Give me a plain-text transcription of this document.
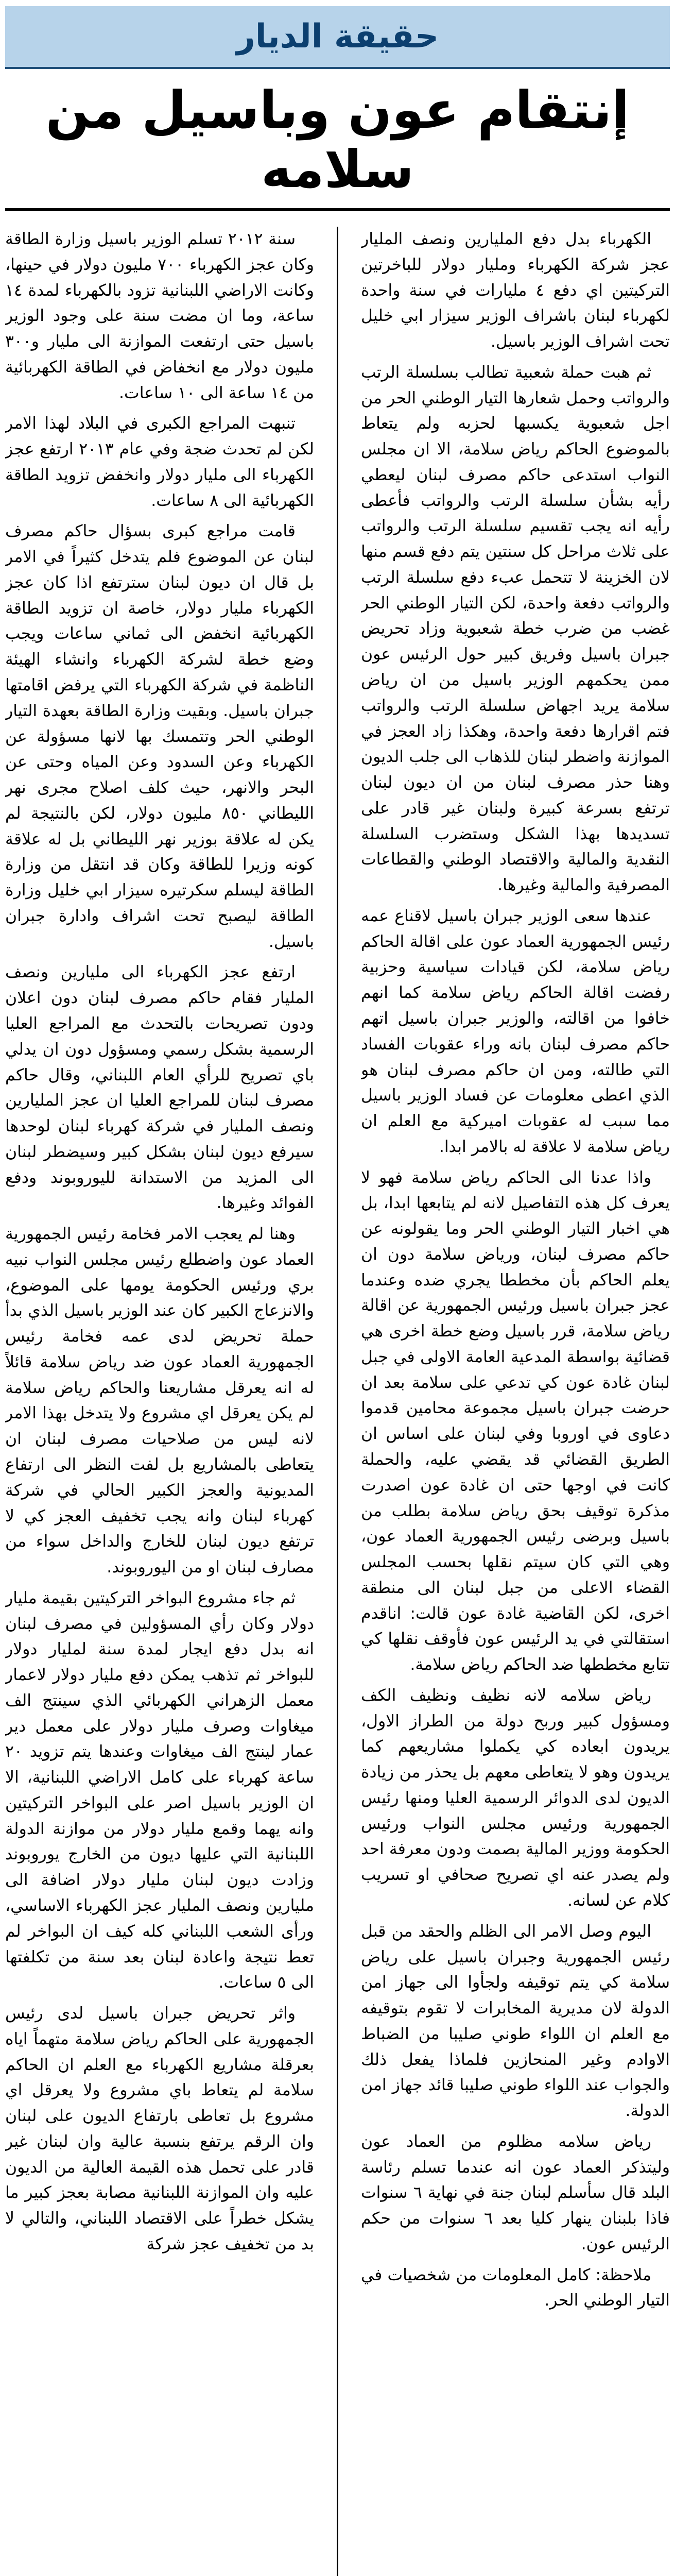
حقيقة الديار
إنتقام عون وباسيل من سلامه

سنة ٢٠١٢ تسلم الوزير باسيل وزارة الطاقة وكان عجز الكهرباء ٧٠٠ مليون دولار في حينها، وكانت الاراضي اللبنانية تزود بالكهرباء لمدة ١٤ ساعة، وما ان مضت سنة على وجود الوزير باسيل حتى ارتفعت الموازنة الى مليار و٣٠٠ مليون دولار مع انخفاض في الطاقة الكهربائية من ١٤ ساعة الى ١٠ ساعات.

تنبهت المراجع الكبرى في البلاد لهذا الامر لكن لم تحدث ضجة وفي عام ٢٠١٣ ارتفع عجز الكهرباء الى مليار دولار وانخفض تزويد الطاقة الكهربائية الى ٨ ساعات.

قامت مراجع كبرى بسؤال حاكم مصرف لبنان عن الموضوع فلم يتدخل كثيراً في الامر بل قال ان ديون لبنان سترتفع اذا كان عجز الكهرباء مليار دولار، خاصة ان تزويد الطاقة الكهربائية انخفض الى ثماني ساعات ويجب وضع خطة لشركة الكهرباء وانشاء الهيئة الناظمة في شركة الكهرباء التي يرفض اقامتها جبران باسيل. وبقيت وزارة الطاقة بعهدة التيار الوطني الحر وتتمسك بها لانها مسؤولة عن الكهرباء وعن السدود وعن المياه وحتى عن البحر والانهر، حيث كلف اصلاح مجرى نهر الليطاني ٨٥٠ مليون دولار، لكن بالنتيجة لم يكن له علاقة بوزير نهر الليطاني بل له علاقة كونه وزيرا للطاقة وكان قد انتقل من وزارة الطاقة ليسلم سكرتيره سيزار ابي خليل وزارة الطاقة ليصبح تحت اشراف وادارة جبران باسيل.

ارتفع عجز الكهرباء الى مليارين ونصف المليار فقام حاكم مصرف لبنان دون اعلان ودون تصريحات بالتحدث مع المراجع العليا الرسمية بشكل رسمي ومسؤول دون ان يدلي باي تصريح للرأي العام اللبناني، وقال حاكم مصرف لبنان للمراجع العليا ان عجز المليارين ونصف المليار في شركة كهرباء لبنان لوحدها سيرفع ديون لبنان بشكل كبير وسيضطر لبنان الى المزيد من الاستدانة لليوروبوند ودفع الفوائد وغيرها.

وهنا لم يعجب الامر فخامة رئيس الجمهورية العماد عون واضطلع رئيس مجلس النواب نبيه بري ورئيس الحكومة يومها على الموضوع، والانزعاج الكبير كان عند الوزير باسيل الذي بدأ حملة تحريض لدى عمه فخامة رئيس الجمهورية العماد عون ضد رياض سلامة قائلاً له انه يعرقل مشاريعنا والحاكم رياض سلامة لم يكن يعرقل اي مشروع ولا يتدخل بهذا الامر لانه ليس من صلاحيات مصرف لبنان ان يتعاطى بالمشاريع بل لفت النظر الى ارتفاع المديونية والعجز الكبير الحالي في شركة كهرباء لبنان وانه يجب تخفيف العجز كي لا ترتفع ديون لبنان للخارج والداخل سواء من مصارف لبنان او من اليوروبوند.

ثم جاء مشروع البواخر التركيتين بقيمة مليار دولار وكان رأي المسؤولين في مصرف لبنان انه بدل دفع ايجار لمدة سنة لمليار دولار للبواخر ثم تذهب يمكن دفع مليار دولار لاعمار معمل الزهراني الكهربائي الذي سينتج الف ميغاوات وصرف مليار دولار على معمل دير عمار لينتج الف ميغاوات وعندها يتم تزويد ٢٠ ساعة كهرباء على كامل الاراضي اللبنانية، الا ان الوزير باسيل اصر على البواخر التركيتين وانه يهما وقمع مليار دولار من موازنة الدولة اللبنانية التي عليها ديون من الخارج يوروبوند وزادت ديون لبنان مليار دولار اضافة الى مليارين ونصف المليار عجز الكهرباء الاساسي، ورأى الشعب اللبناني كله كيف ان البواخر لم تعط نتيجة واعادة لبنان بعد سنة من تكلفتها الى ٥ ساعات.

واثر تحريض جبران باسيل لدى رئيس الجمهورية على الحاكم رياض سلامة متهماً اياه بعرقلة مشاريع الكهرباء مع العلم ان الحاكم سلامة لم يتعاط باي مشروع ولا يعرقل اي مشروع بل تعاطى بارتفاع الديون على لبنان وان الرقم يرتفع بنسبة عالية وان لبنان غير قادر على تحمل هذه القيمة العالية من الديون عليه وان الموازنة اللبنانية مصابة بعجز كبير ما يشكل خطراً على الاقتصاد اللبناني، والتالي لا بد من تخفيف عجز شركة

الكهرباء بدل دفع المليارين ونصف المليار عجز شركة الكهرباء ومليار دولار للباخرتين التركيتين اي دفع ٤ مليارات في سنة واحدة لكهرباء لبنان باشراف الوزير سيزار ابي خليل تحت اشراف الوزير باسيل.

ثم هبت حملة شعبية تطالب بسلسلة الرتب والرواتب وحمل شعارها التيار الوطني الحر من اجل شعبوية يكسبها لحزبه ولم يتعاط بالموضوع الحاكم رياض سلامة، الا ان مجلس النواب استدعى حاكم مصرف لبنان ليعطي رأيه بشأن سلسلة الرتب والرواتب فأعطى رأيه انه يجب تقسيم سلسلة الرتب والرواتب على ثلاث مراحل كل سنتين يتم دفع قسم منها لان الخزينة لا تتحمل عبء دفع سلسلة الرتب والرواتب دفعة واحدة، لكن التيار الوطني الحر غضب من ضرب خطة شعبوية وزاد تحريض جبران باسيل وفريق كبير حول الرئيس عون ممن يحكمهم الوزير باسيل من ان رياض سلامة يريد اجهاض سلسلة الرتب والرواتب فتم اقرارها دفعة واحدة، وهكذا زاد العجز في الموازنة واضطر لبنان للذهاب الى جلب الديون وهنا حذر مصرف لبنان من ان ديون لبنان ترتفع بسرعة كبيرة ولبنان غير قادر على تسديدها بهذا الشكل وستضرب السلسلة النقدية والمالية والاقتصاد الوطني والقطاعات المصرفية والمالية وغيرها.

عندها سعى الوزير جبران باسيل لاقناع عمه رئيس الجمهورية العماد عون على اقالة الحاكم رياض سلامة، لكن قيادات سياسية وحزبية رفضت اقالة الحاكم رياض سلامة كما انهم خافوا من اقالته، والوزير جبران باسيل اتهم حاكم مصرف لبنان بانه وراء عقوبات الفساد التي طالته، ومن ان حاكم مصرف لبنان هو الذي اعطى معلومات عن فساد الوزير باسيل مما سبب له عقوبات اميركية مع العلم ان رياض سلامة لا علاقة له بالامر ابدا.

واذا عدنا الى الحاكم رياض سلامة فهو لا يعرف كل هذه التفاصيل لانه لم يتابعها ابدا، بل هي اخبار التيار الوطني الحر وما يقولونه عن حاكم مصرف لبنان، ورياض سلامة دون ان يعلم الحاكم بأن مخططا يجري ضده وعندما عجز جبران باسيل ورئيس الجمهورية عن اقالة رياض سلامة، قرر باسيل وضع خطة اخرى هي قضائية بواسطة المدعية العامة الاولى في جبل لبنان غادة عون كي تدعي على سلامة بعد ان حرضت جبران باسيل مجموعة محامين قدموا دعاوى في اوروبا وفي لبنان على اساس ان الطريق القضائي قد يقضي عليه، والحملة كانت في اوجها حتى ان غادة عون اصدرت مذكرة توقيف بحق رياض سلامة بطلب من باسيل وبرضى رئيس الجمهورية العماد عون، وهي التي كان سيتم نقلها بحسب المجلس القضاء الاعلى من جبل لبنان الى منطقة اخرى، لكن القاضية غادة عون قالت: اناقدم استقالتي في يد الرئيس عون فأوقف نقلها كي تتابع مخططها ضد الحاكم رياض سلامة.

رياض سلامه لانه نظيف ونظيف الكف ومسؤول كبير وربح دولة من الطراز الاول، يريدون ابعاده كي يكملوا مشاريعهم كما يريدون وهو لا يتعاطى معهم بل يحذر من زيادة الديون لدى الدوائر الرسمية العليا ومنها رئيس الجمهورية ورئيس مجلس النواب ورئيس الحكومة ووزير المالية بصمت ودون معرفة احد ولم يصدر عنه اي تصريح صحافي او تسريب كلام عن لسانه.

اليوم وصل الامر الى الظلم والحقد من قبل رئيس الجمهورية وجبران باسيل على رياض سلامة كي يتم توقيفه ولجأوا الى جهاز امن الدولة لان مديرية المخابرات لا تقوم بتوقيفه مع العلم ان اللواء طوني صليبا من الضباط الاوادم وغير المنحازين فلماذا يفعل ذلك والجواب عند اللواء طوني صليبا قائد جهاز امن الدولة.

رياض سلامه مظلوم من العماد عون وليتذكر العماد عون انه عندما تسلم رئاسة البلد قال سأسلم لبنان جنة في نهاية ٦ سنوات فاذا بلبنان ينهار كليا بعد ٦ سنوات من حكم الرئيس عون.

ملاحظة: كامل المعلومات من شخصيات في التيار الوطني الحر.
